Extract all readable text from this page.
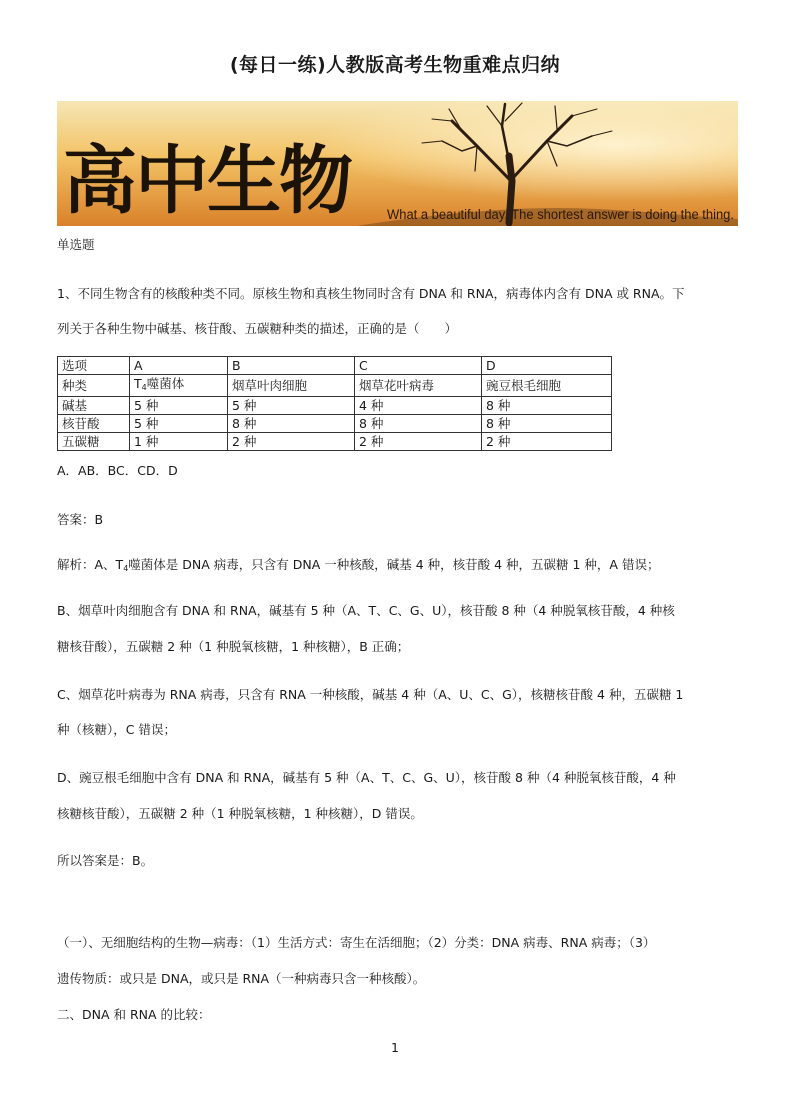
(每日一练)人教版高考生物重难点归纳
高中生物	What a beautiful day. The shortest answer is doing the thing.
单选题
1、不同生物含有的核酸种类不同。原核生物和真核生物同时含有 DNA 和 RNA，病毒体内含有 DNA 或 RNA。下
列关于各种生物中碱基、核苷酸、五碳糖种类的描述，正确的是（　　）
选项	A	B	C	D
种类	$T_4$噬菌体	烟草叶肉细胞	烟草花叶病毒	豌豆根毛细胞
碱基	5 种	5 种	4 种	8 种
核苷酸	5 种	8 种	8 种	8 种
五碳糖	1 种	2 种	2 种	2 种
A．AB．BC．CD．D
答案：B
解析：A、$T_4$噬菌体是 DNA 病毒，只含有 DNA 一种核酸，碱基 4 种，核苷酸 4 种，五碳糖 1 种，A 错误；
B、烟草叶肉细胞含有 DNA 和 RNA，碱基有 5 种（A、T、C、G、U），核苷酸 8 种（4 种脱氧核苷酸，4 种核
糖核苷酸），五碳糖 2 种（1 种脱氧核糖，1 种核糖），B 正确；
C、烟草花叶病毒为 RNA 病毒，只含有 RNA 一种核酸，碱基 4 种（A、U、C、G），核糖核苷酸 4 种，五碳糖 1
种（核糖），C 错误；
D、豌豆根毛细胞中含有 DNA 和 RNA，碱基有 5 种（A、T、C、G、U），核苷酸 8 种（4 种脱氧核苷酸，4 种
核糖核苷酸），五碳糖 2 种（1 种脱氧核糖，1 种核糖），D 错误。
所以答案是：B。
（一）、无细胞结构的生物—病毒：（1）生活方式：寄生在活细胞；（2）分类：DNA 病毒、RNA 病毒；（3）
遗传物质：或只是 DNA，或只是 RNA（一种病毒只含一种核酸）。
二、DNA 和 RNA 的比较：
1
